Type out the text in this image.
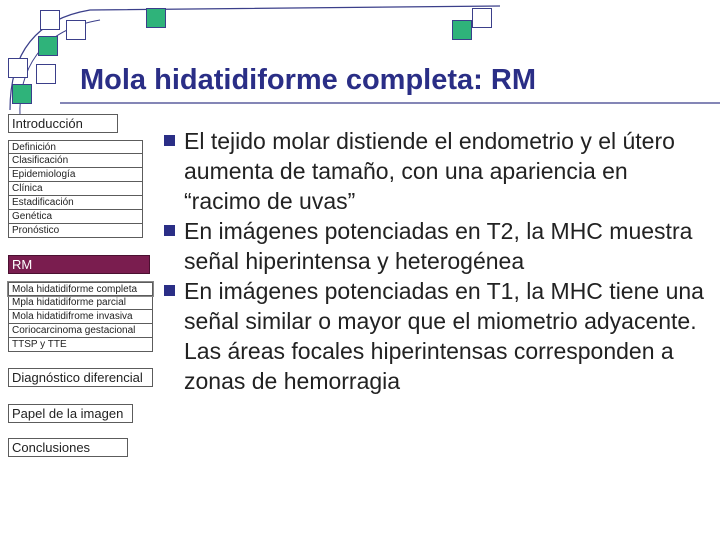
Mola hidatidiforme completa: RM
Introducción
Definición
Clasificación
Epidemiología
Clínica
Estadificación
Genética
Pronóstico
RM
Mola hidatidiforme completa
Mpla hidatidiforme parcial
Mola hidatidifrome invasiva
Coriocarcinoma gestacional
TTSP y TTE
Diagnóstico diferencial
Papel de la imagen
Conclusiones
El tejido molar distiende el endometrio y el útero aumenta de tamaño, con una apariencia en “racimo de uvas”
En imágenes potenciadas en T2, la MHC muestra señal hiperintensa y heterogénea
En imágenes potenciadas en T1, la MHC tiene una señal similar o mayor que el miometrio adyacente. Las áreas focales hiperintensas corresponden a zonas de hemorragia
